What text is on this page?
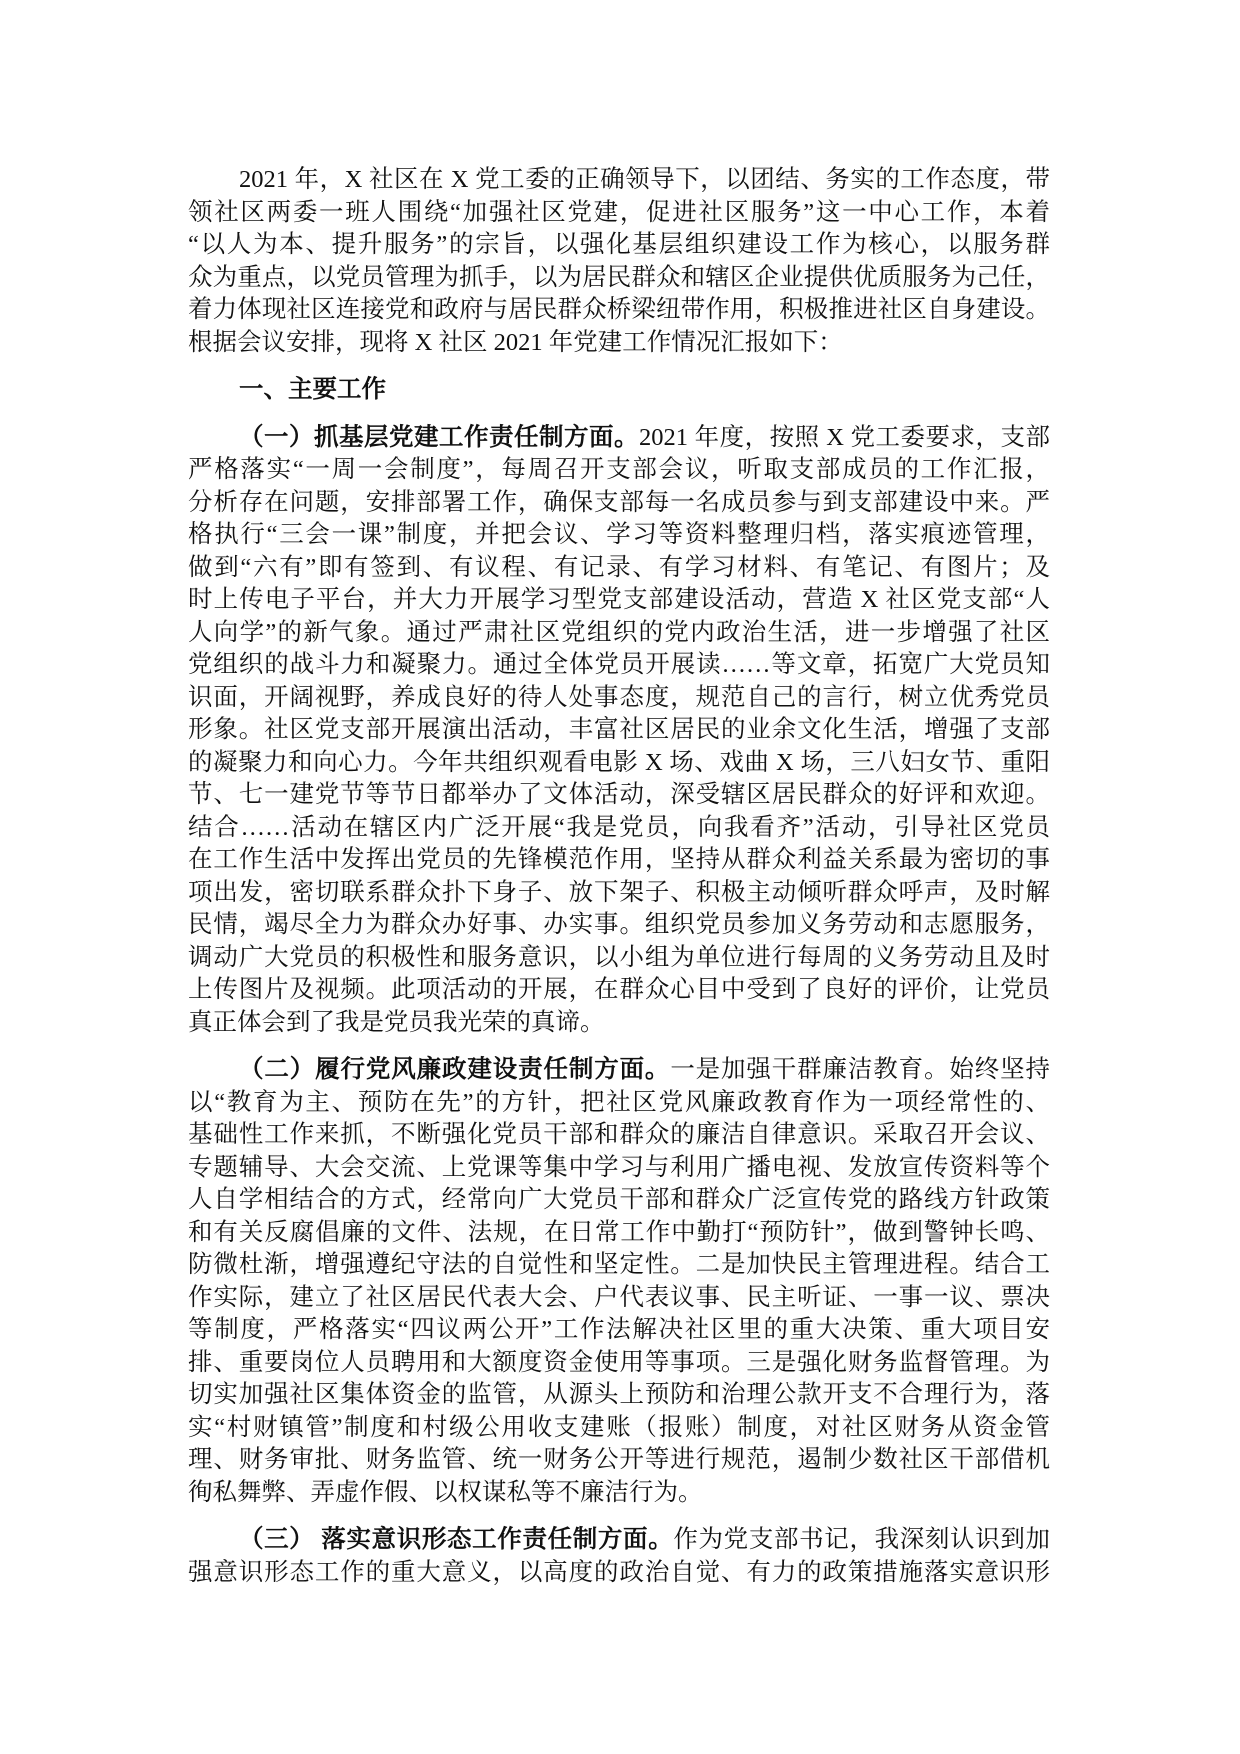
2021 年，X 社区在 X 党工委的正确领导下，以团结、务实的工作态度，带
领社区两委一班人围绕“加强社区党建，促进社区服务”这一中心工作，本着
“以人为本、提升服务”的宗旨，以强化基层组织建设工作为核心，以服务群
众为重点，以党员管理为抓手，以为居民群众和辖区企业提供优质服务为己任，
着力体现社区连接党和政府与居民群众桥梁纽带作用，积极推进社区自身建设。
根据会议安排，现将 X 社区 2021 年党建工作情况汇报如下：
一、主要工作
（一）抓基层党建工作责任制方面。2021 年度，按照 X 党工委要求，支部
严格落实“一周一会制度”，每周召开支部会议，听取支部成员的工作汇报，
分析存在问题，安排部署工作，确保支部每一名成员参与到支部建设中来。严
格执行“三会一课”制度，并把会议、学习等资料整理归档，落实痕迹管理，
做到“六有”即有签到、有议程、有记录、有学习材料、有笔记、有图片；及
时上传电子平台，并大力开展学习型党支部建设活动，营造 X 社区党支部“人
人向学”的新气象。通过严肃社区党组织的党内政治生活，进一步增强了社区
党组织的战斗力和凝聚力。通过全体党员开展读……等文章，拓宽广大党员知
识面，开阔视野，养成良好的待人处事态度，规范自己的言行，树立优秀党员
形象。社区党支部开展演出活动，丰富社区居民的业余文化生活，增强了支部
的凝聚力和向心力。今年共组织观看电影 X 场、戏曲 X 场，三八妇女节、重阳
节、七一建党节等节日都举办了文体活动，深受辖区居民群众的好评和欢迎。
结合……活动在辖区内广泛开展“我是党员，向我看齐”活动，引导社区党员
在工作生活中发挥出党员的先锋模范作用，坚持从群众利益关系最为密切的事
项出发，密切联系群众扑下身子、放下架子、积极主动倾听群众呼声，及时解
民情，竭尽全力为群众办好事、办实事。组织党员参加义务劳动和志愿服务，
调动广大党员的积极性和服务意识，以小组为单位进行每周的义务劳动且及时
上传图片及视频。此项活动的开展，在群众心目中受到了良好的评价，让党员
真正体会到了我是党员我光荣的真谛。
（二）履行党风廉政建设责任制方面。一是加强干群廉洁教育。始终坚持
以“教育为主、预防在先”的方针，把社区党风廉政教育作为一项经常性的、
基础性工作来抓，不断强化党员干部和群众的廉洁自律意识。采取召开会议、
专题辅导、大会交流、上党课等集中学习与利用广播电视、发放宣传资料等个
人自学相结合的方式，经常向广大党员干部和群众广泛宣传党的路线方针政策
和有关反腐倡廉的文件、法规，在日常工作中勤打“预防针”，做到警钟长鸣、
防微杜渐，增强遵纪守法的自觉性和坚定性。二是加快民主管理进程。结合工
作实际，建立了社区居民代表大会、户代表议事、民主听证、一事一议、票决
等制度，严格落实“四议两公开”工作法解决社区里的重大决策、重大项目安
排、重要岗位人员聘用和大额度资金使用等事项。三是强化财务监督管理。为
切实加强社区集体资金的监管，从源头上预防和治理公款开支不合理行为，落
实“村财镇管”制度和村级公用收支建账（报账）制度，对社区财务从资金管
理、财务审批、财务监管、统一财务公开等进行规范，遏制少数社区干部借机
徇私舞弊、弄虚作假、以权谋私等不廉洁行为。
（三） 落实意识形态工作责任制方面。作为党支部书记，我深刻认识到加
强意识形态工作的重大意义，以高度的政治自觉、有力的政策措施落实意识形
